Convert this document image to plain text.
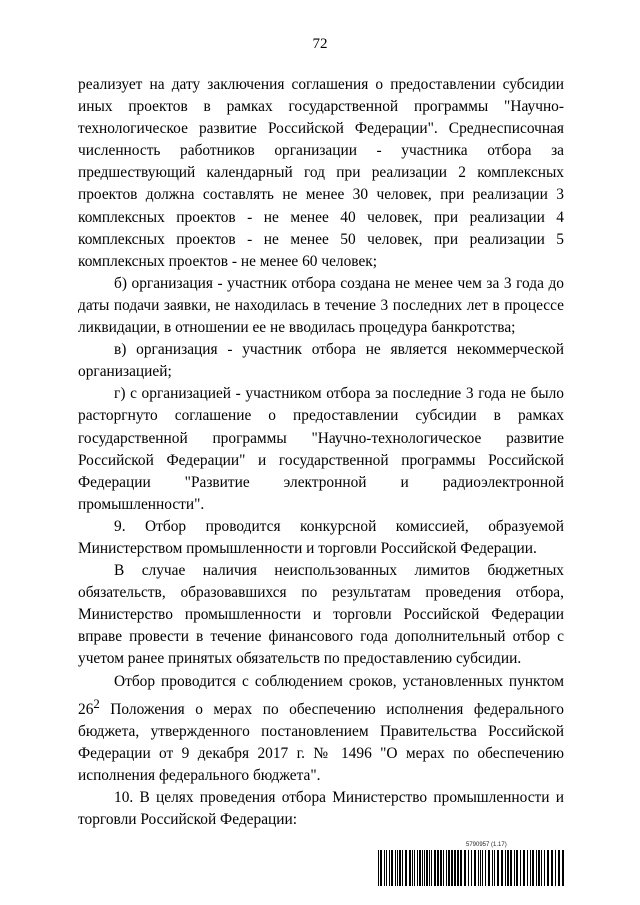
72

реализует на дату заключения соглашения о предоставлении субсидии иных проектов в рамках государственной программы "Научно-технологическое развитие Российской Федерации". Среднесписочная численность работников организации - участника отбора за предшествующий календарный год при реализации 2 комплексных проектов должна составлять не менее 30 человек, при реализации 3 комплексных проектов - не менее 40 человек, при реализации 4 комплексных проектов - не менее 50 человек, при реализации 5 комплексных проектов - не менее 60 человек;

б) организация - участник отбора создана не менее чем за 3 года до даты подачи заявки, не находилась в течение 3 последних лет в процессе ликвидации, в отношении ее не вводилась процедура банкротства;

в) организация - участник отбора не является некоммерческой организацией;

г) с организацией - участником отбора за последние 3 года не было расторгнуто соглашение о предоставлении субсидии в рамках государственной программы "Научно-технологическое развитие Российской Федерации" и государственной программы Российской Федерации "Развитие электронной и радиоэлектронной промышленности".

9. Отбор проводится конкурсной комиссией, образуемой Министерством промышленности и торговли Российской Федерации.

В случае наличия неиспользованных лимитов бюджетных обязательств, образовавшихся по результатам проведения отбора, Министерство промышленности и торговли Российской Федерации вправе провести в течение финансового года дополнительный отбор с учетом ранее принятых обязательств по предоставлению субсидии.

Отбор проводится с соблюдением сроков, установленных пунктом $26^2$ Положения о мерах по обеспечению исполнения федерального бюджета, утвержденного постановлением Правительства Российской Федерации от 9 декабря 2017 г. № 1496 "О мерах по обеспечению исполнения федерального бюджета".

10. В целях проведения отбора Министерство промышленности и торговли Российской Федерации:

5790957 (1.17)
